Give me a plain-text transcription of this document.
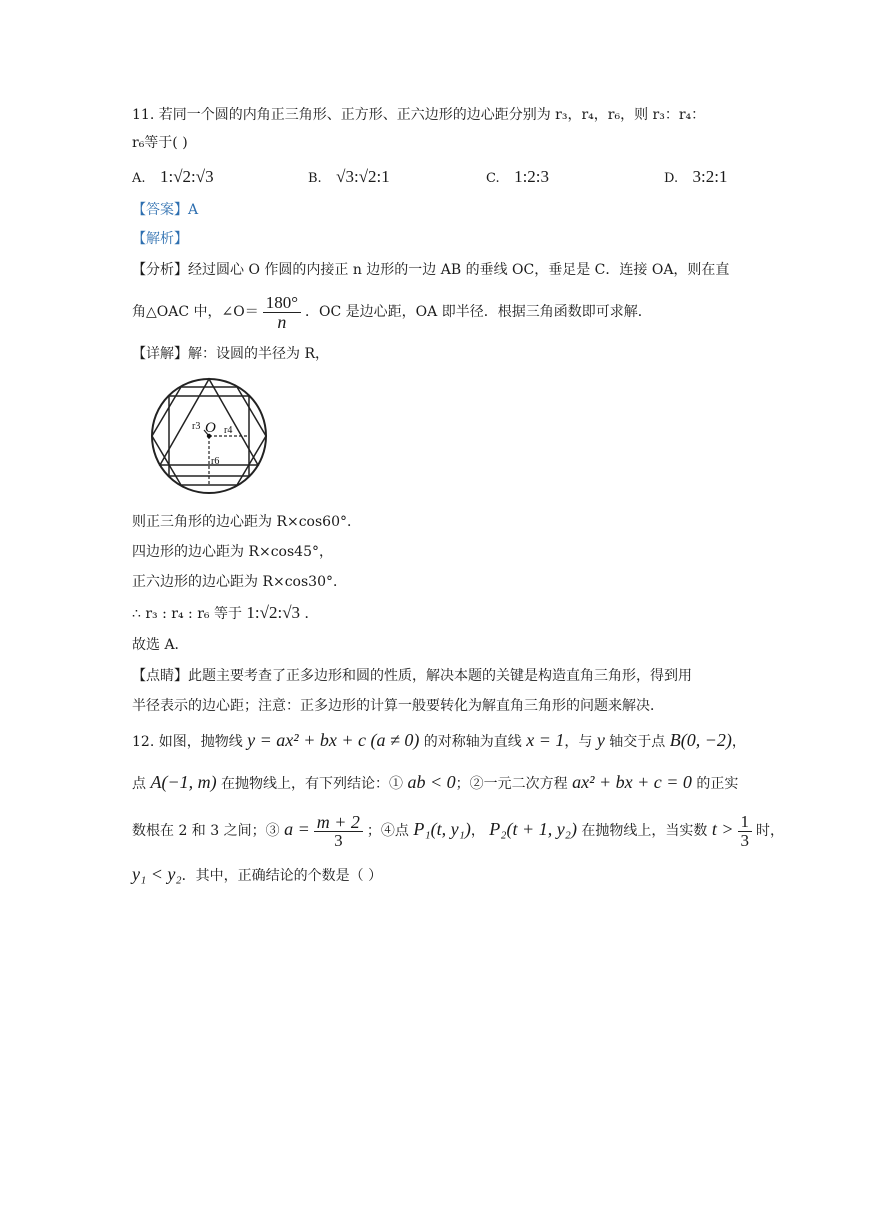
11. 若同一个圆的内角正三角形、正方形、正六边形的边心距分别为 r₃，r₄，r₆，则 r₃：r₄：
r₆等于( )
A. 1:√2:√3	B. √3:√2:1	C. 1:2:3	D. 3:2:1
【答案】A
【解析】
【分析】经过圆心 O 作圆的内接正 n 边形的一边 AB 的垂线 OC，垂足是 C．连接 OA，则在直
角△OAC 中，∠O＝ $\frac{180^\circ}{n}$ ．OC 是边心距，OA 即半径．根据三角函数即可求解．
【详解】解：设圆的半径为 R，
r3 O r4
r6
则正三角形的边心距为 R×cos60°．
四边形的边心距为 R×cos45°，
正六边形的边心距为 R×cos30°．
∴ r₃ : r₄ : r₆ 等于 1:√2:√3 ．
故选 A．
【点睛】此题主要考查了正多边形和圆的性质，解决本题的关键是构造直角三角形，得到用
半径表示的边心距；注意：正多边形的计算一般要转化为解直角三角形的问题来解决．
12. 如图，抛物线 y = ax² + bx + c (a ≠ 0) 的对称轴为直线 x = 1，与 y 轴交于点 B(0, −2)，
点 A(−1, m) 在抛物线上，有下列结论：① ab < 0；②一元二次方程 ax² + bx + c = 0 的正实
数根在 2 和 3 之间；③ $a = \frac{m + 2}{3}$ ；④点 P₁(t, y₁)， P₂(t + 1, y₂) 在抛物线上，当实数 $t > \frac{1}{3}$ 时，
y₁ < y₂．其中，正确结论的个数是（ ）
